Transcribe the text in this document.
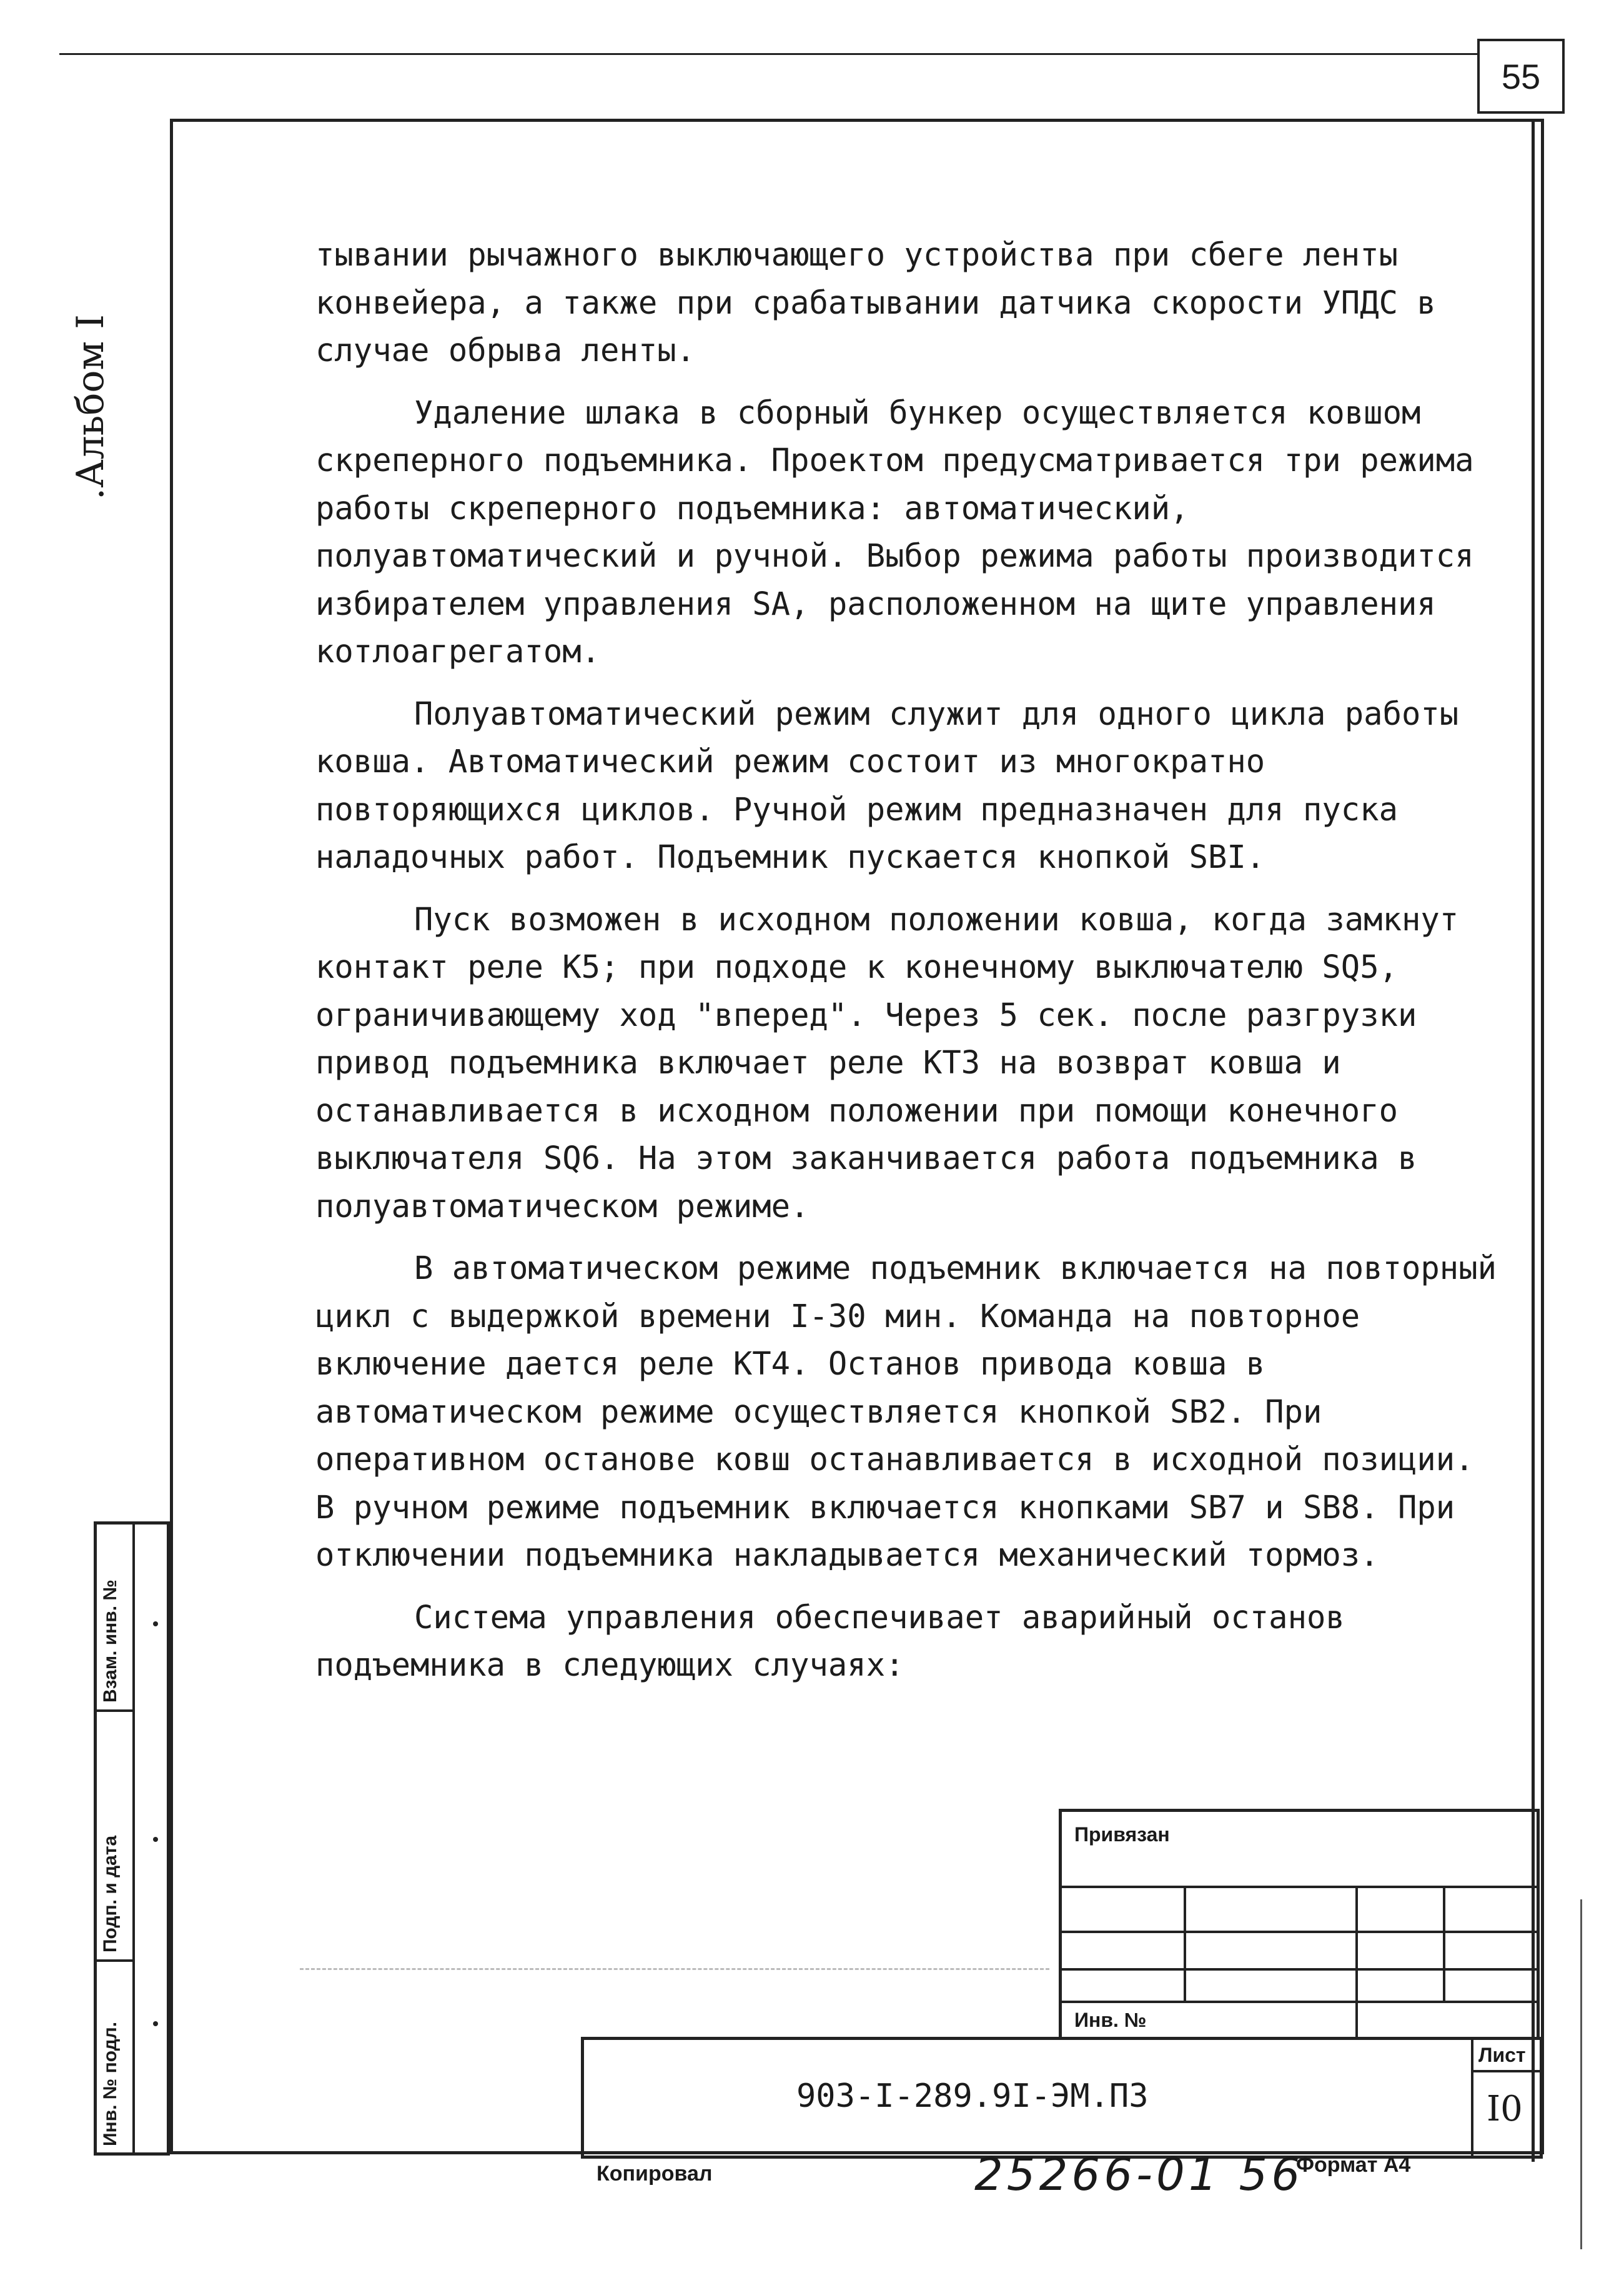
55
.Альбом I
Взам. инв. №
Подп. и дата
Инв. № подл.

тывании рычажного выключающего устройства при сбеге ленты конвейера, а также при срабатывании датчика скорости УПДС в случае обрыва ленты.

Удаление шлака в сборный бункер осуществляется ковшом скреперного подъемника. Проектом предусматривается три режима работы скреперного подъемника: автоматический, полуавтоматический и ручной. Выбор режима работы производится избирателем управления SA, расположенном на щите управления котлоагрегатом.

Полуавтоматический режим служит для одного цикла работы ковша. Автоматический режим состоит из многократно повторяющихся циклов. Ручной режим предназначен для пуска наладочных работ. Подъемник пускается кнопкой SBI.

Пуск возможен в исходном положении ковша, когда замкнут контакт реле К5; при подходе к конечному выключателю SQ5, ограничивающему ход "вперед". Через 5 сек. после разгрузки привод подъемника включает реле КТ3 на возврат ковша и останавливается в исходном положении при помощи конечного выключателя SQ6. На этом заканчивается работа подъемника в полуавтоматическом режиме.

В автоматическом режиме подъемник включается на повторный цикл с выдержкой времени I-30 мин. Команда на повторное включение дается реле КТ4. Останов привода ковша в автоматическом режиме осуществляется кнопкой SB2. При оперативном останове ковш останавливается в исходной позиции. В ручном режиме подъемник включается кнопками SB7 и SB8. При отключении подъемника накладывается механический тормоз.

Система управления обеспечивает аварийный останов подъемника в следующих случаях:

Привязан
Инв. №
903-I-289.9I-ЭМ.ПЗ
Лист
I0
Копировал	25266-01 56
Формат А4
